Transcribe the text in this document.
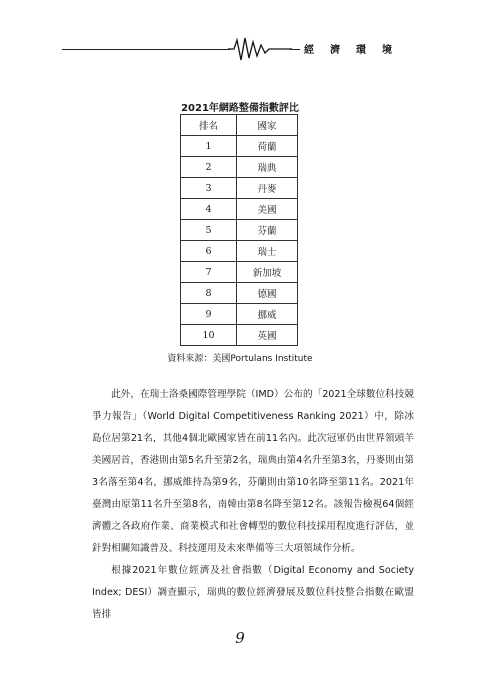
經濟環境
2021年網路整備指數評比
排名	國家
1	荷蘭
2	瑞典
3	丹麥
4	美國
5	芬蘭
6	瑞士
7	新加坡
8	德國
9	挪威
10	英國
資料來源：美國Portulans Institute

此外，在瑞士洛桑國際管理學院（IMD）公布的「2021全球數位科技競爭力報告」（World Digital Competitiveness Ranking 2021）中，除冰島位居第21名，其他4個北歐國家皆在前11名內。此次冠軍仍由世界領頭羊美國居首，香港則由第5名升至第2名，瑞典由第4名升至第3名，丹麥則由第3名落至第4名，挪威維持為第9名，芬蘭則由第10名降至第11名。2021年臺灣由原第11名升至第8名，南韓由第8名降至第12名。該報告檢視64個經濟體之各政府作業、商業模式和社會轉型的數位科技採用程度進行評估，並針對相關知識普及、科技運用及未來準備等三大項領域作分析。

根據2021年數位經濟及社會指數（Digital Economy and Society Index; DESI）調查顯示，瑞典的數位經濟發展及數位科技整合指數在歐盟皆排

9
